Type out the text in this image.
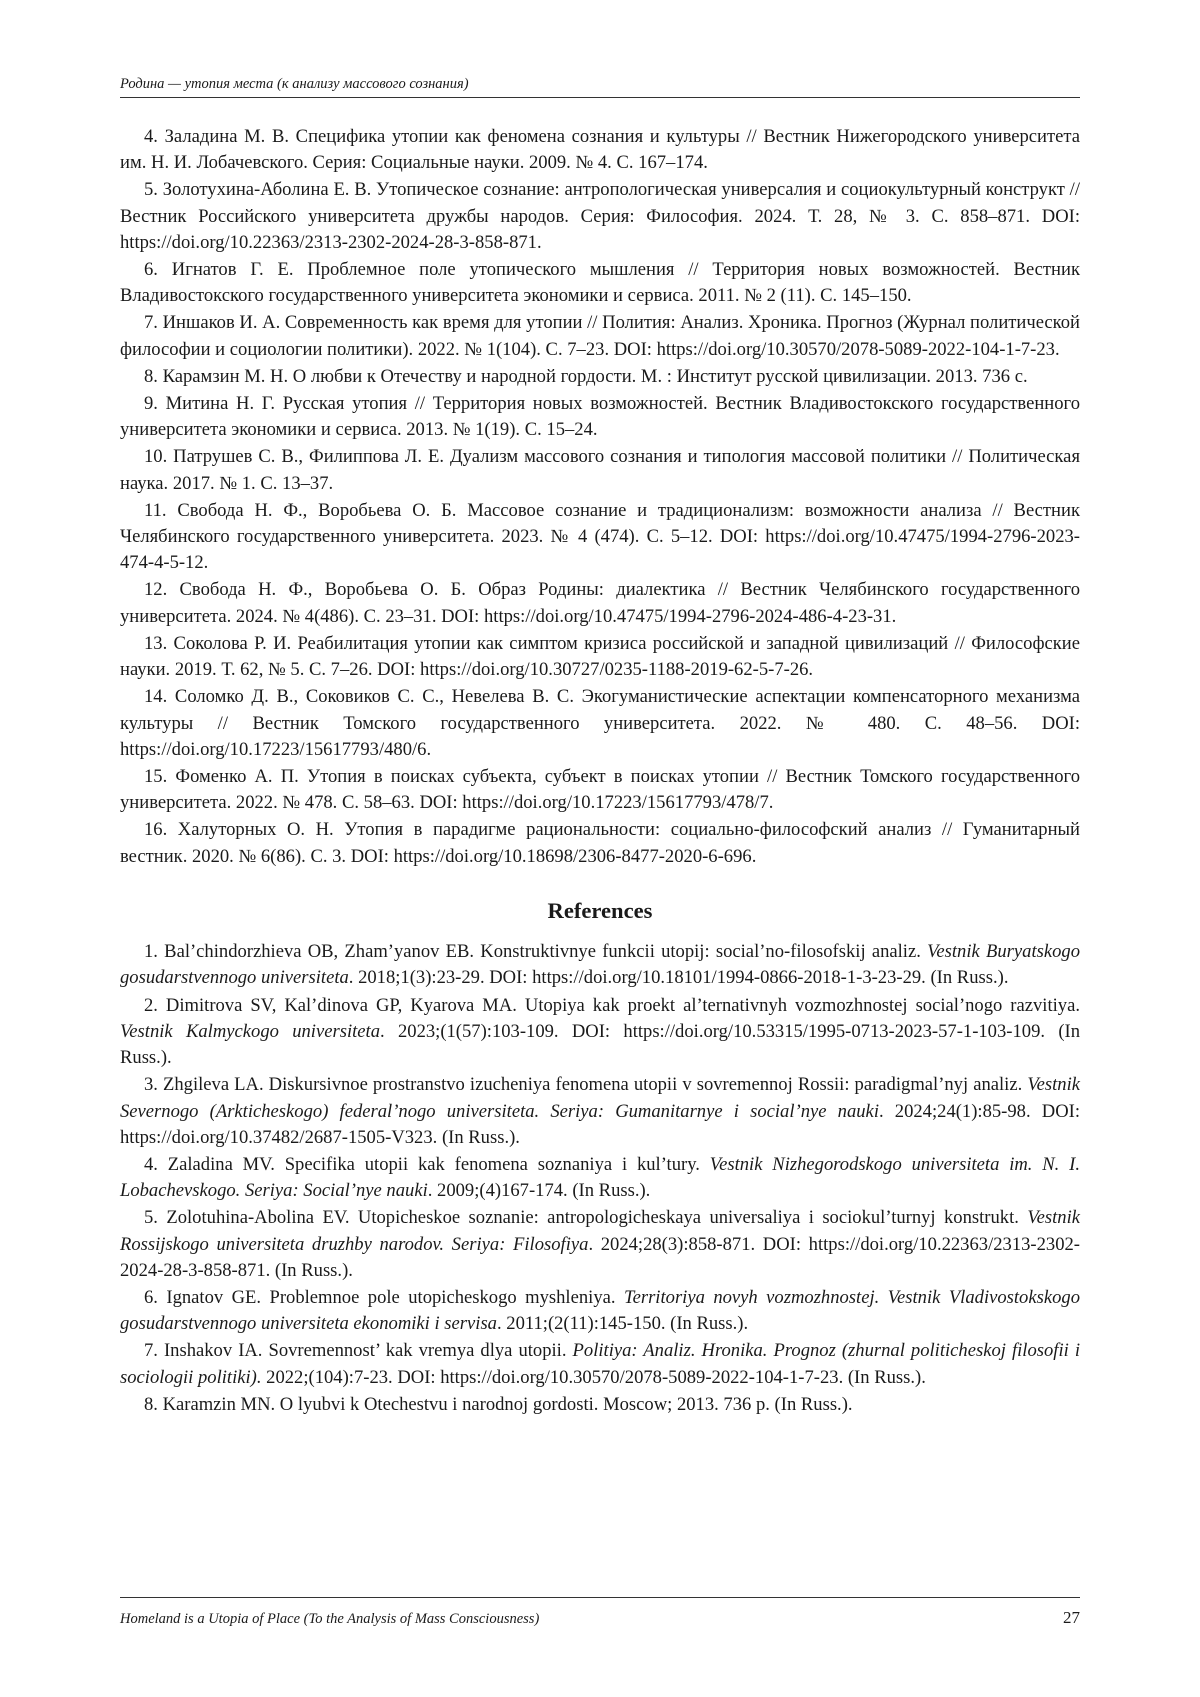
Родина — утопия места (к анализу массового сознания)

4. Заладина М. В. Специфика утопии как феномена сознания и культуры // Вестник Нижегородского университета им. Н. И. Лобачевского. Серия: Социальные науки. 2009. № 4. С. 167–174.

5. Золотухина-Аболина Е. В. Утопическое сознание: антропологическая универсалия и социокультурный конструкт // Вестник Российского университета дружбы народов. Серия: Философия. 2024. Т. 28, № 3. С. 858–871. DOI: https://doi.org/10.22363/2313-2302-2024-28-3-858-871.

6. Игнатов Г. Е. Проблемное поле утопического мышления // Территория новых возможностей. Вестник Владивостокского государственного университета экономики и сервиса. 2011. № 2 (11). С. 145–150.

7. Иншаков И. А. Современность как время для утопии // Полития: Анализ. Хроника. Прогноз (Журнал политической философии и социологии политики). 2022. № 1(104). С. 7–23. DOI: https://doi.org/10.30570/2078-5089-2022-104-1-7-23.

8. Карамзин М. Н. О любви к Отечеству и народной гордости. М. : Институт русской цивилизации. 2013. 736 с.

9. Митина Н. Г. Русская утопия // Территория новых возможностей. Вестник Владивостокского государственного университета экономики и сервиса. 2013. № 1(19). С. 15–24.

10. Патрушев С. В., Филиппова Л. Е. Дуализм массового сознания и типология массовой политики // Политическая наука. 2017. № 1. С. 13–37.

11. Свобода Н. Ф., Воробьева О. Б. Массовое сознание и традиционализм: возможности анализа // Вестник Челябинского государственного университета. 2023. № 4 (474). С. 5–12. DOI: https://doi.org/10.47475/1994-2796-2023-474-4-5-12.

12. Свобода Н. Ф., Воробьева О. Б. Образ Родины: диалектика // Вестник Челябинского государственного университета. 2024. № 4(486). С. 23–31. DOI: https://doi.org/10.47475/1994-2796-2024-486-4-23-31.

13. Соколова Р. И. Реабилитация утопии как симптом кризиса российской и западной цивилизаций // Философские науки. 2019. Т. 62, № 5. С. 7–26. DOI: https://doi.org/10.30727/0235-1188-2019-62-5-7-26.

14. Соломко Д. В., Соковиков С. С., Невелева В. С. Экогуманистические аспектации компенсаторного механизма культуры // Вестник Томского государственного университета. 2022. № 480. С. 48–56. DOI: https://doi.org/10.17223/15617793/480/6.

15. Фоменко А. П. Утопия в поисках субъекта, субъект в поисках утопии // Вестник Томского государственного университета. 2022. № 478. С. 58–63. DOI: https://doi.org/10.17223/15617793/478/7.

16. Халуторных О. Н. Утопия в парадигме рациональности: социально-философский анализ // Гуманитарный вестник. 2020. № 6(86). С. 3. DOI: https://doi.org/10.18698/2306-8477-2020-6-696.

References

1. Bal’chindorzhieva OB, Zham’yanov EB. Konstruktivnye funkcii utopij: social’no-filosofskij analiz. Vestnik Buryatskogo gosudarstvennogo universiteta. 2018;1(3):23-29. DOI: https://doi.org/10.18101/1994-0866-2018-1-3-23-29. (In Russ.).

2. Dimitrova SV, Kal’dinova GP, Kyarova MA. Utopiya kak proekt al’ternativnyh vozmozhnostej social’nogo razvitiya. Vestnik Kalmyckogo universiteta. 2023;(1(57):103-109. DOI: https://doi.org/10.53315/1995-0713-2023-57-1-103-109. (In Russ.).

3. Zhgileva LA. Diskursivnoe prostranstvo izucheniya fenomena utopii v sovremennoj Rossii: paradigmal’nyj analiz. Vestnik Severnogo (Arkticheskogo) federal’nogo universiteta. Seriya: Gumanitarnye i social’nye nauki. 2024;24(1):85-98. DOI: https://doi.org/10.37482/2687-1505-V323. (In Russ.).

4. Zaladina MV. Specifika utopii kak fenomena soznaniya i kul’tury. Vestnik Nizhegorodskogo universiteta im. N. I. Lobachevskogo. Seriya: Social’nye nauki. 2009;(4)167-174. (In Russ.).

5. Zolotuhina-Abolina EV. Utopicheskoe soznanie: antropologicheskaya universaliya i sociokul’turnyj konstrukt. Vestnik Rossijskogo universiteta druzhby narodov. Seriya: Filosofiya. 2024;28(3):858-871. DOI: https://doi.org/10.22363/2313-2302-2024-28-3-858-871. (In Russ.).

6. Ignatov GE. Problemnoe pole utopicheskogo myshleniya. Territoriya novyh vozmozhnostej. Vestnik Vladivostokskogo gosudarstvennogo universiteta ekonomiki i servisa. 2011;(2(11):145-150. (In Russ.).

7. Inshakov IA. Sovremennost’ kak vremya dlya utopii. Politiya: Analiz. Hronika. Prognoz (zhurnal politicheskoj filosofii i sociologii politiki). 2022;(104):7-23. DOI: https://doi.org/10.30570/2078-5089-2022-104-1-7-23. (In Russ.).

8. Karamzin MN. O lyubvi k Otechestvu i narodnoj gordosti. Moscow; 2013. 736 p. (In Russ.).

Homeland is a Utopia of Place (To the Analysis of Mass Consciousness)	27
